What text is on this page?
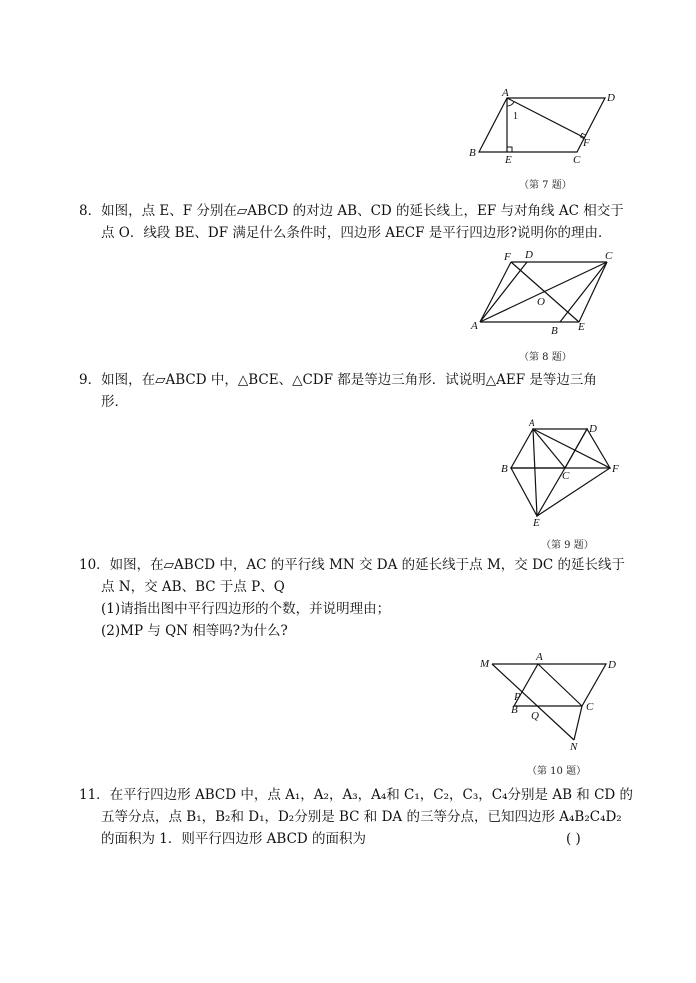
A	D
B
E	C
F
1
（第 7 题）
8．如图，点 E、F 分别在▱ABCD 的对边 AB、CD 的延长线上，EF 与对角线 AC 相交于
点 O．线段 BE、DF 满足什么条件时，四边形 AECF 是平行四边形?说明你的理由．
F D	C
O
A	B E
（第 8 题）
9．如图，在▱ABCD 中，△BCE、△CDF 都是等边三角形．试说明△AEF 是等边三角
形．
A	D
B
C
F
E
（第 9 题）
10．如图，在▱ABCD 中，AC 的平行线 MN 交 DA 的延长线于点 M，交 DC 的延长线于
点 N，交 AB、BC 于点 P、Q
(1)请指出图中平行四边形的个数，并说明理由；
(2)MP 与 QN 相等吗?为什么?
M
A
D
P
B Q
C
N
（第 10 题）
11．在平行四边形 ABCD 中，点 A₁，A₂，A₃，A₄和 C₁，C₂，C₃，C₄分别是 AB 和 CD 的
五等分点，点 B₁，B₂和 D₁，D₂分别是 BC 和 DA 的三等分点，已知四边形 A₄B₂C₄D₂
的面积为 1．则平行四边形 ABCD 的面积为	( )
